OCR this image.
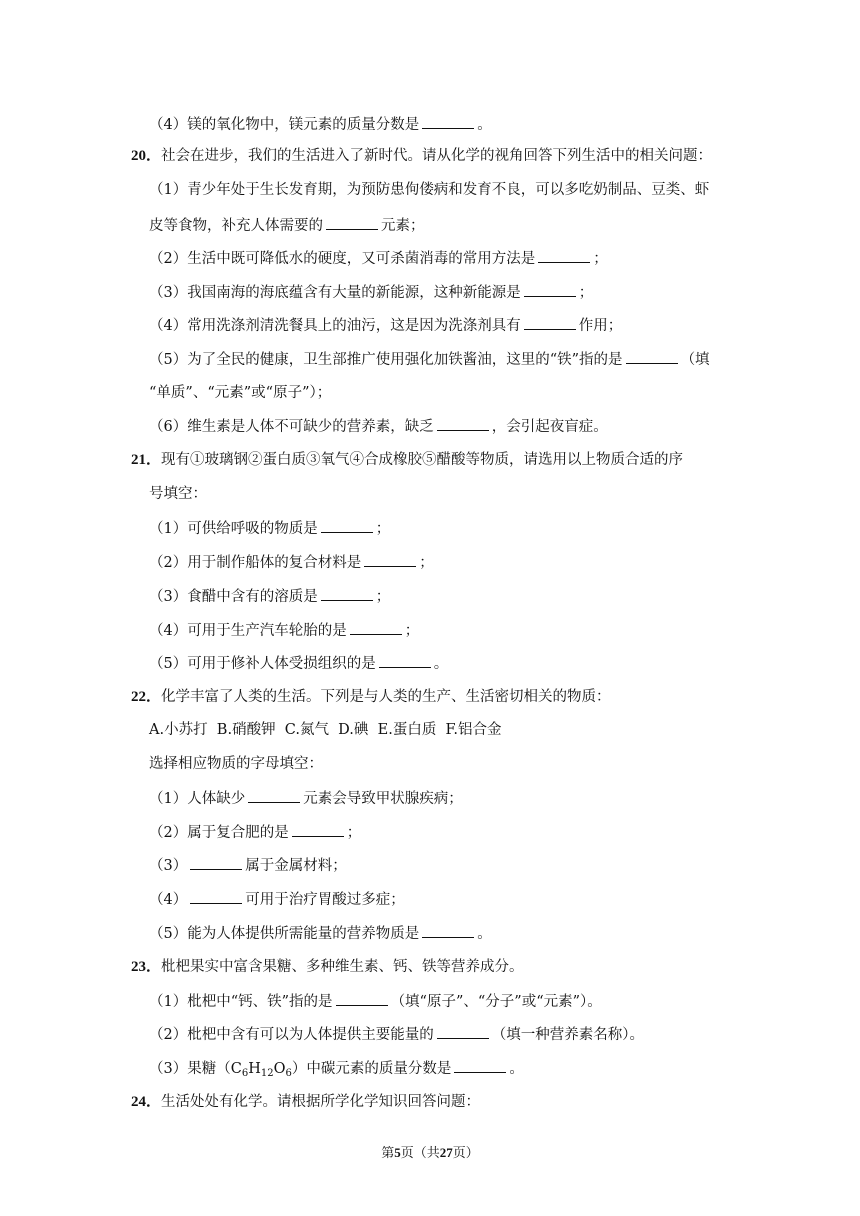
（4）镁的氧化物中，镁元素的质量分数是	。
20．社会在进步，我们的生活进入了新时代。请从化学的视角回答下列生活中的相关问题：
（1）青少年处于生长发育期，为预防患佝偻病和发育不良，可以多吃奶制品、豆类、虾
皮等食物，补充人体需要的	元素；
（2）生活中既可降低水的硬度，又可杀菌消毒的常用方法是	；
（3）我国南海的海底蕴含有大量的新能源，这种新能源是	；
（4）常用洗涤剂清洗餐具上的油污，这是因为洗涤剂具有	作用；
（5）为了全民的健康，卫生部推广使用强化加铁酱油，这里的“铁”指的是	（填
“单质”、“元素”或“原子”）；
（6）维生素是人体不可缺少的营养素，缺乏	，会引起夜盲症。
21．现有①玻璃钢②蛋白质③氧气④合成橡胶⑤醋酸等物质，请选用以上物质合适的序
号填空：
（1）可供给呼吸的物质是	；
（2）用于制作船体的复合材料是	；
（3）食醋中含有的溶质是	；
（4）可用于生产汽车轮胎的是	；
（5）可用于修补人体受损组织的是	。
22．化学丰富了人类的生活。下列是与人类的生产、生活密切相关的物质：
A.小苏打  B.硝酸钾  C.氮气  D.碘  E.蛋白质  F.铝合金
选择相应物质的字母填空：
（1）人体缺少	元素会导致甲状腺疾病；
（2）属于复合肥的是	；
（3）	属于金属材料；
（4）	可用于治疗胃酸过多症；
（5）能为人体提供所需能量的营养物质是	。
23．枇杷果实中富含果糖、多种维生素、钙、铁等营养成分。
（1）枇杷中“钙、铁”指的是	（填“原子”、“分子”或“元素”）。
（2）枇杷中含有可以为人体提供主要能量的	（填一种营养素名称）。
（3）果糖$(C_6H_{12}O_6)$中碳元素的质量分数是	。
24．生活处处有化学。请根据所学化学知识回答问题：
第5页（共27页）
